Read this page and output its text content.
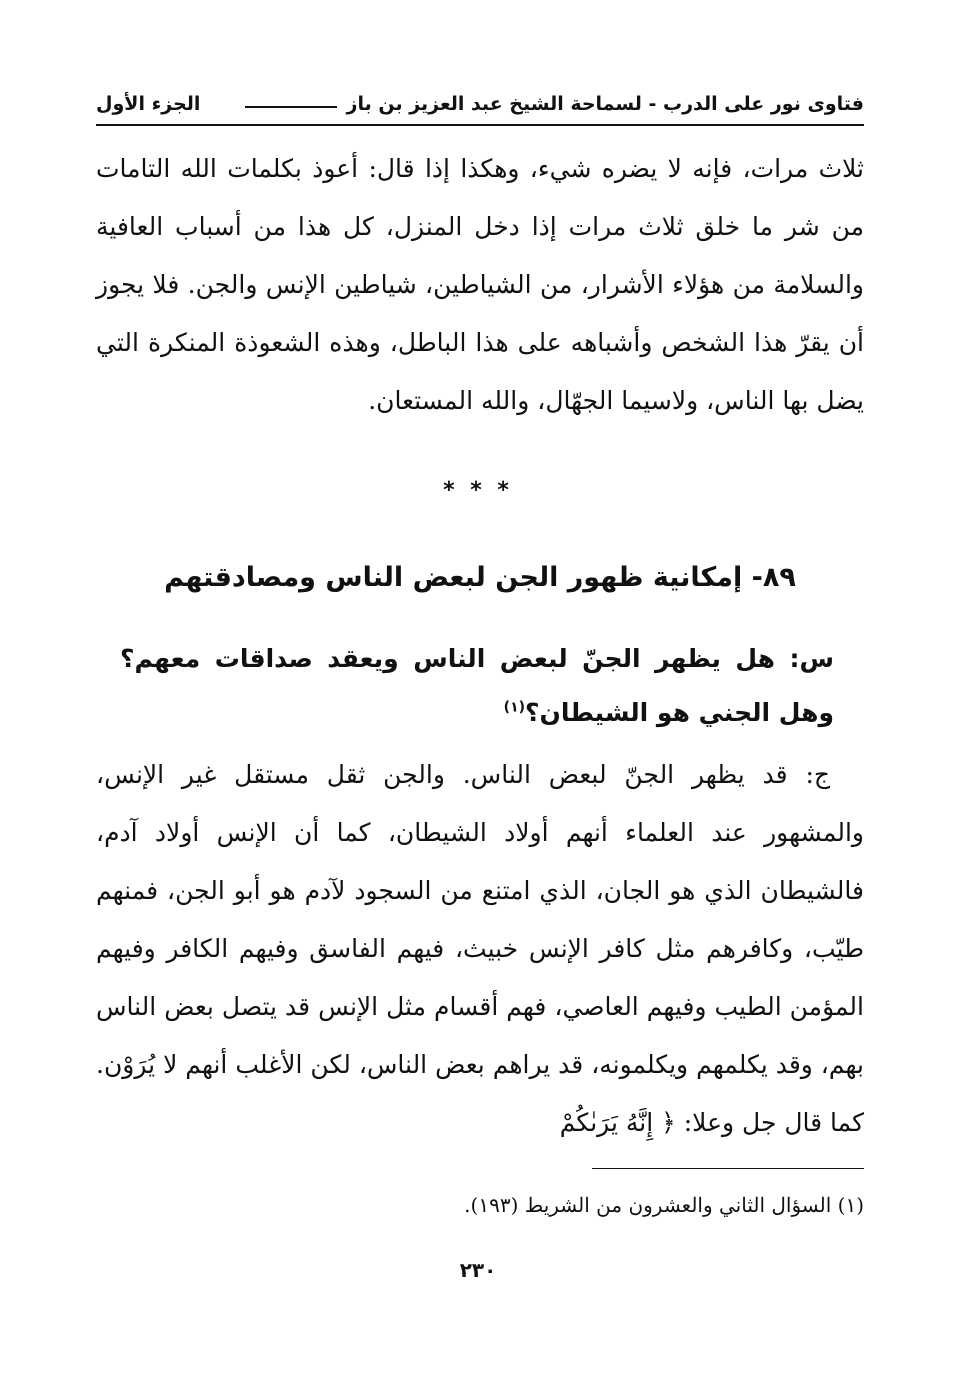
فتاوى نور على الدرب - لسماحة الشيخ عبد العزيز بن باز
الجزء الأول

ثلاث مرات، فإنه لا يضره شيء، وهكذا إذا قال: أعوذ بكلمات الله التامات من شر ما خلق ثلاث مرات إذا دخل المنزل، كل هذا من أسباب العافية والسلامة من هؤلاء الأشرار، من الشياطين، شياطين الإنس والجن. فلا يجوز أن يقرّ هذا الشخص وأشباهه على هذا الباطل، وهذه الشعوذة المنكرة التي يضل بها الناس، ولاسيما الجهّال، والله المستعان.

* * *
٨٩- إمكانية ظهور الجن لبعض الناس ومصادقتهم

س: هل يظهر الجنّ لبعض الناس ويعقد صداقات معهم؟ وهل الجني هو الشيطان؟$^{(١)}$

ج: قد يظهر الجنّ لبعض الناس. والجن ثقل مستقل غير الإنس، والمشهور عند العلماء أنهم أولاد الشيطان، كما أن الإنس أولاد آدم، فالشيطان الذي هو الجان، الذي امتنع من السجود لآدم هو أبو الجن، فمنهم طيّب، وكافرهم مثل كافر الإنس خبيث، فيهم الفاسق وفيهم الكافر وفيهم المؤمن الطيب وفيهم العاصي، فهم أقسام مثل الإنس قد يتصل بعض الناس بهم، وقد يكلمهم ويكلمونه، قد يراهم بعض الناس، لكن الأغلب أنهم لا يُرَوْن. كما قال جل وعلا: ﴿ إِنَّهُ يَرَىٰكُمْ

(١) السؤال الثاني والعشرون من الشريط (١٩٣).

٢٣٠
